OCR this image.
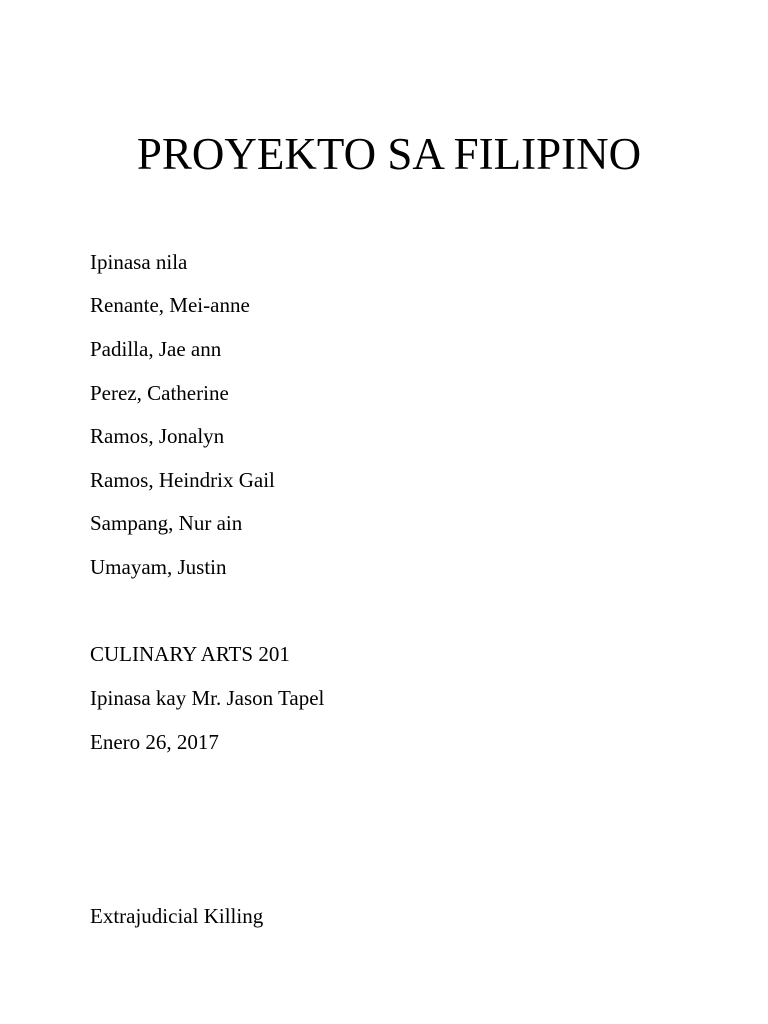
PROYEKTO SA FILIPINO

Ipinasa nila

Renante, Mei-anne

Padilla, Jae ann

Perez, Catherine

Ramos, Jonalyn

Ramos, Heindrix Gail

Sampang, Nur ain

Umayam, Justin

CULINARY ARTS 201

Ipinasa kay Mr. Jason Tapel

Enero 26, 2017

Extrajudicial Killing
